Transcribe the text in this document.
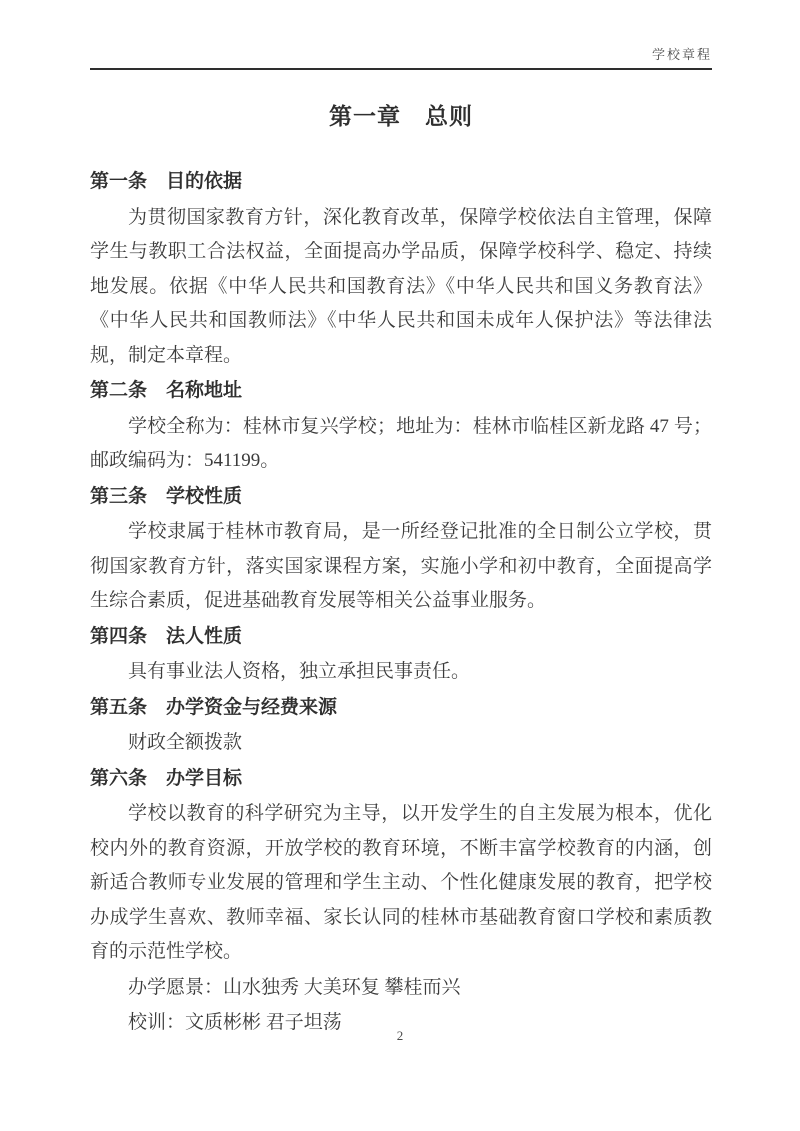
学校章程
第一章　总则
第一条　目的依据

为贯彻国家教育方针，深化教育改革，保障学校依法自主管理，保障学生与教职工合法权益，全面提高办学品质，保障学校科学、稳定、持续地发展。依据《中华人民共和国教育法》《中华人民共和国义务教育法》《中华人民共和国教师法》《中华人民共和国未成年人保护法》等法律法规，制定本章程。

第二条　名称地址

学校全称为：桂林市复兴学校；地址为：桂林市临桂区新龙路 47 号；邮政编码为：541199。

第三条　学校性质

学校隶属于桂林市教育局，是一所经登记批准的全日制公立学校，贯彻国家教育方针，落实国家课程方案，实施小学和初中教育，全面提高学生综合素质，促进基础教育发展等相关公益事业服务。

第四条　法人性质

具有事业法人资格，独立承担民事责任。

第五条　办学资金与经费来源

财政全额拨款

第六条　办学目标

学校以教育的科学研究为主导，以开发学生的自主发展为根本，优化校内外的教育资源，开放学校的教育环境，不断丰富学校教育的内涵，创新适合教师专业发展的管理和学生主动、个性化健康发展的教育，把学校办成学生喜欢、教师幸福、家长认同的桂林市基础教育窗口学校和素质教育的示范性学校。

办学愿景：山水独秀 大美环复 攀桂而兴

校训：文质彬彬 君子坦荡

2
